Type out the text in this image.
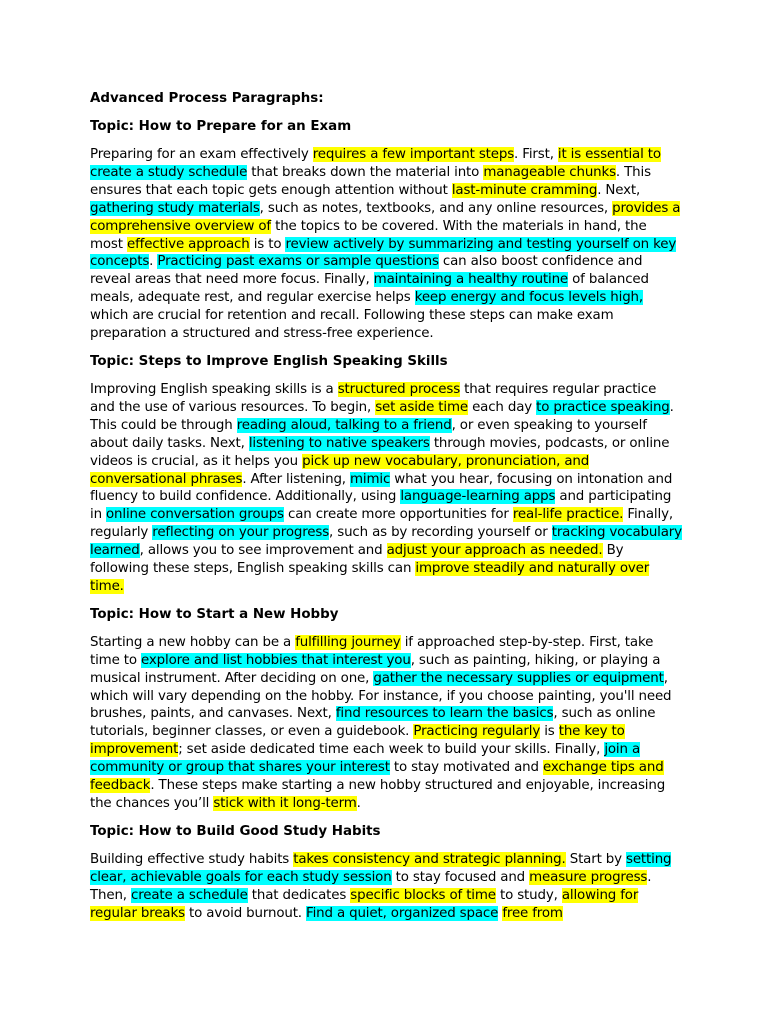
Advanced Process Paragraphs:
Topic: How to Prepare for an Exam

Preparing for an exam effectively requires a few important steps. First, it is essential to create a study schedule that breaks down the material into manageable chunks. This ensures that each topic gets enough attention without last-minute cramming. Next, gathering study materials, such as notes, textbooks, and any online resources, provides a comprehensive overview of the topics to be covered. With the materials in hand, the most effective approach is to review actively by summarizing and testing yourself on key concepts. Practicing past exams or sample questions can also boost confidence and reveal areas that need more focus. Finally, maintaining a healthy routine of balanced meals, adequate rest, and regular exercise helps keep energy and focus levels high, which are crucial for retention and recall. Following these steps can make exam preparation a structured and stress-free experience.

Topic: Steps to Improve English Speaking Skills

Improving English speaking skills is a structured process that requires regular practice and the use of various resources. To begin, set aside time each day to practice speaking. This could be through reading aloud, talking to a friend, or even speaking to yourself about daily tasks. Next, listening to native speakers through movies, podcasts, or online videos is crucial, as it helps you pick up new vocabulary, pronunciation, and conversational phrases. After listening, mimic what you hear, focusing on intonation and fluency to build confidence. Additionally, using language-learning apps and participating in online conversation groups can create more opportunities for real-life practice. Finally, regularly reflecting on your progress, such as by recording yourself or tracking vocabulary learned, allows you to see improvement and adjust your approach as needed. By following these steps, English speaking skills can improve steadily and naturally over time.

Topic: How to Start a New Hobby

Starting a new hobby can be a fulfilling journey if approached step-by-step. First, take time to explore and list hobbies that interest you, such as painting, hiking, or playing a musical instrument. After deciding on one, gather the necessary supplies or equipment, which will vary depending on the hobby. For instance, if you choose painting, you'll need brushes, paints, and canvases. Next, find resources to learn the basics, such as online tutorials, beginner classes, or even a guidebook. Practicing regularly is the key to improvement; set aside dedicated time each week to build your skills. Finally, join a community or group that shares your interest to stay motivated and exchange tips and feedback. These steps make starting a new hobby structured and enjoyable, increasing the chances you’ll stick with it long-term.

Topic: How to Build Good Study Habits

Building effective study habits takes consistency and strategic planning. Start by setting clear, achievable goals for each study session to stay focused and measure progress. Then, create a schedule that dedicates specific blocks of time to study, allowing for regular breaks to avoid burnout. Find a quiet, organized space free from
